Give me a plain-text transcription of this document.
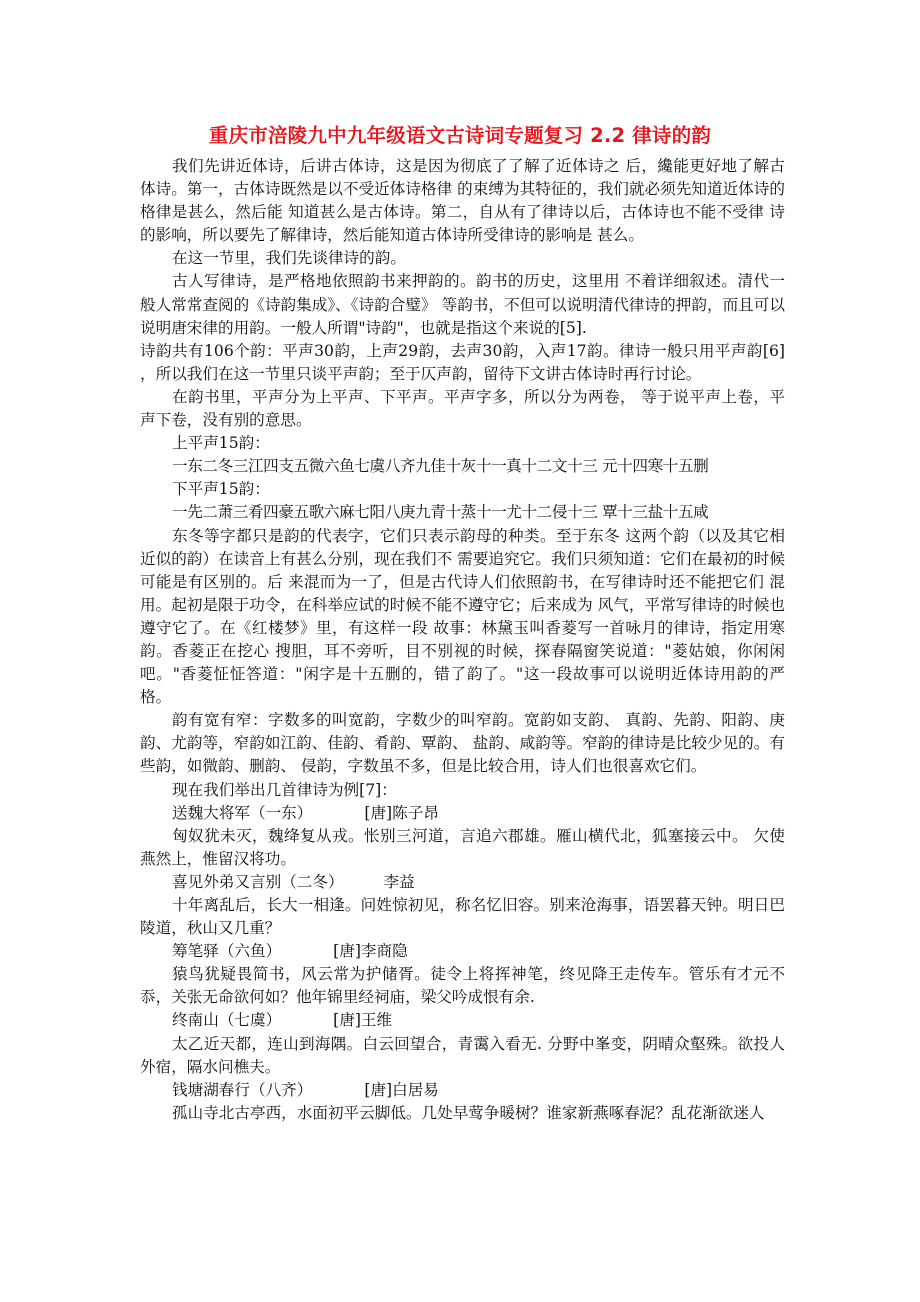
重庆市涪陵九中九年级语文古诗词专题复习 2.2 律诗的韵

我们先讲近体诗，后讲古体诗，这是因为彻底了了解了近体诗之 后，纔能更好地了解古体诗。第一，古体诗既然是以不受近体诗格律 的束缚为其特征的，我们就必须先知道近体诗的格律是甚么，然后能 知道甚么是古体诗。第二，自从有了律诗以后，古体诗也不能不受律 诗的影响，所以要先了解律诗，然后能知道古体诗所受律诗的影响是 甚么。

在这一节里，我们先谈律诗的韵。

古人写律诗，是严格地依照韵书来押韵的。韵书的历史，这里用 不着详细叙述。清代一般人常常查阅的《诗韵集成》、《诗韵合璧》 等韵书，不但可以说明清代律诗的押韵，而且可以说明唐宋律的用韵。一般人所谓"诗韵"，也就是指这个来说的[5].

诗韵共有106个韵：平声30韵，上声29韵，去声30韵，入声17韵。律诗一般只用平声韵[6] ，所以我们在这一节里只谈平声韵；至于仄声韵，留待下文讲古体诗时再行讨论。

在韵书里，平声分为上平声、下平声。平声字多，所以分为两卷， 等于说平声上卷，平声下卷，没有别的意思。

上平声15韵：

一东二冬三江四支五微六鱼七虞八齐九佳十灰十一真十二文十三 元十四寒十五删

下平声15韵：

一先二萧三肴四豪五歌六麻七阳八庚九青十蒸十一尤十二侵十三 覃十三盐十五咸

东冬等字都只是韵的代表字，它们只表示韵母的种类。至于东冬 这两个韵（以及其它相近似的韵）在读音上有甚么分别，现在我们不 需要追究它。我们只须知道：它们在最初的时候可能是有区别的。后 来混而为一了，但是古代诗人们依照韵书，在写律诗时还不能把它们 混用。起初是限于功令，在科举应试的时候不能不遵守它；后来成为 风气，平常写律诗的时候也遵守它了。在《红楼梦》里，有这样一段 故事：林黛玉叫香菱写一首咏月的律诗，指定用寒韵。香菱正在挖心 搜胆，耳不旁听，目不别视的时候，探春隔窗笑说道："菱姑娘，你闲闲吧。"香菱怔怔答道："闲字是十五删的，错了韵了。"这一段故事可以说明近体诗用韵的严格。

韵有宽有窄：字数多的叫宽韵，字数少的叫窄韵。宽韵如支韵、 真韵、先韵、阳韵、庚韵、尤韵等，窄韵如江韵、佳韵、肴韵、覃韵、 盐韵、咸韵等。窄韵的律诗是比较少见的。有些韵，如微韵、删韵、 侵韵，字数虽不多，但是比较合用，诗人们也很喜欢它们。

现在我们举出几首律诗为例[7]：

送魏大将军（一东）	[唐]陈子昂

匈奴犹未灭，魏绛复从戎。怅别三河道，言追六郡雄。雁山横代北，狐塞接云中。 欠使燕然上，惟留汉将功。

喜见外弟又言别（二冬）	李益

十年离乱后，长大一相逢。问姓惊初见，称名忆旧容。别来沧海事，语罢暮天钟。明日巴陵道，秋山又几重？

筹笔驿（六鱼）	[唐]李商隐

猿鸟犹疑畏简书，风云常为护储胥。徒令上将挥神笔，终见降王走传车。管乐有才元不忝，关张无命欲何如？他年锦里经祠庙，梁父吟成恨有余.

终南山（七虞）	[唐]王维

太乙近天都，连山到海隅。白云回望合，青霭入看无. 分野中峯变，阴晴众壑殊。欲投人外宿，隔水问樵夫。

钱塘湖春行（八齐）	[唐]白居易

孤山寺北古亭西，水面初平云脚低。几处早莺争暖树？谁家新燕啄春泥？乱花渐欲迷人
